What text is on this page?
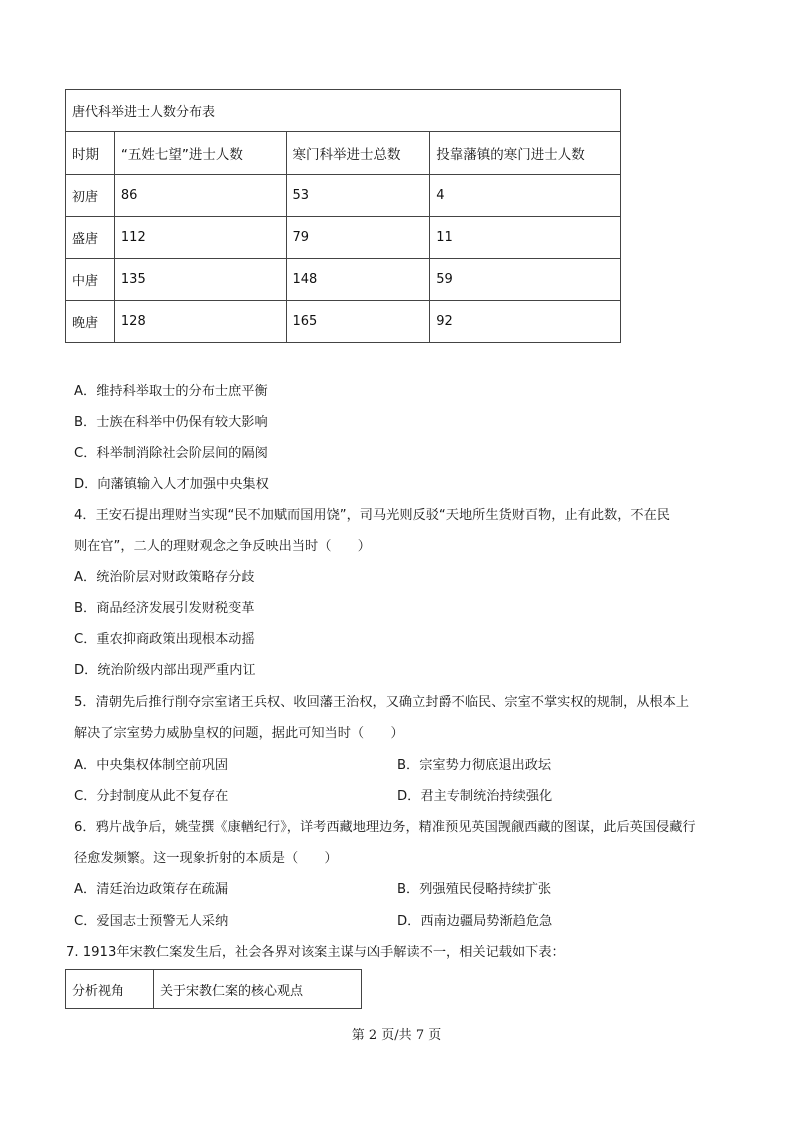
唐代科举进士人数分布表			
时期	“五姓七望”进士人数	寒门科举进士总数	投靠藩镇的寒门进士人数
初唐	86	53	4
盛唐	112	79	11
中唐	135	148	59
晚唐	128	165	92
A．维持科举取士的分布士庶平衡
B．士族在科举中仍保有较大影响
C．科举制消除社会阶层间的隔阂
D．向藩镇输入人才加强中央集权
4．王安石提出理财当实现“民不加赋而国用饶”，司马光则反驳“天地所生货财百物，止有此数，不在民
则在官”，二人的理财观念之争反映出当时（　　）
A．统治阶层对财政策略存分歧
B．商品经济发展引发财税变革
C．重农抑商政策出现根本动摇
D．统治阶级内部出现严重内讧
5．清朝先后推行削夺宗室诸王兵权、收回藩王治权，又确立封爵不临民、宗室不掌实权的规制，从根本上
解决了宗室势力威胁皇权的问题，据此可知当时（　　）
A．中央集权体制空前巩固	B．宗室势力彻底退出政坛
C．分封制度从此不复存在	D．君主专制统治持续强化
6．鸦片战争后，姚莹撰《康輶纪行》，详考西藏地理边务，精准预见英国觊觎西藏的图谋，此后英国侵藏行
径愈发频繁。这一现象折射的本质是（　　）
A．清廷治边政策存在疏漏	B．列强殖民侵略持续扩张
C．爱国志士预警无人采纳	D．西南边疆局势渐趋危急
7. 1913年宋教仁案发生后，社会各界对该案主谋与凶手解读不一，相关记载如下表：
分析视角	关于宋教仁案的核心观点
第 2 页/共 7 页
